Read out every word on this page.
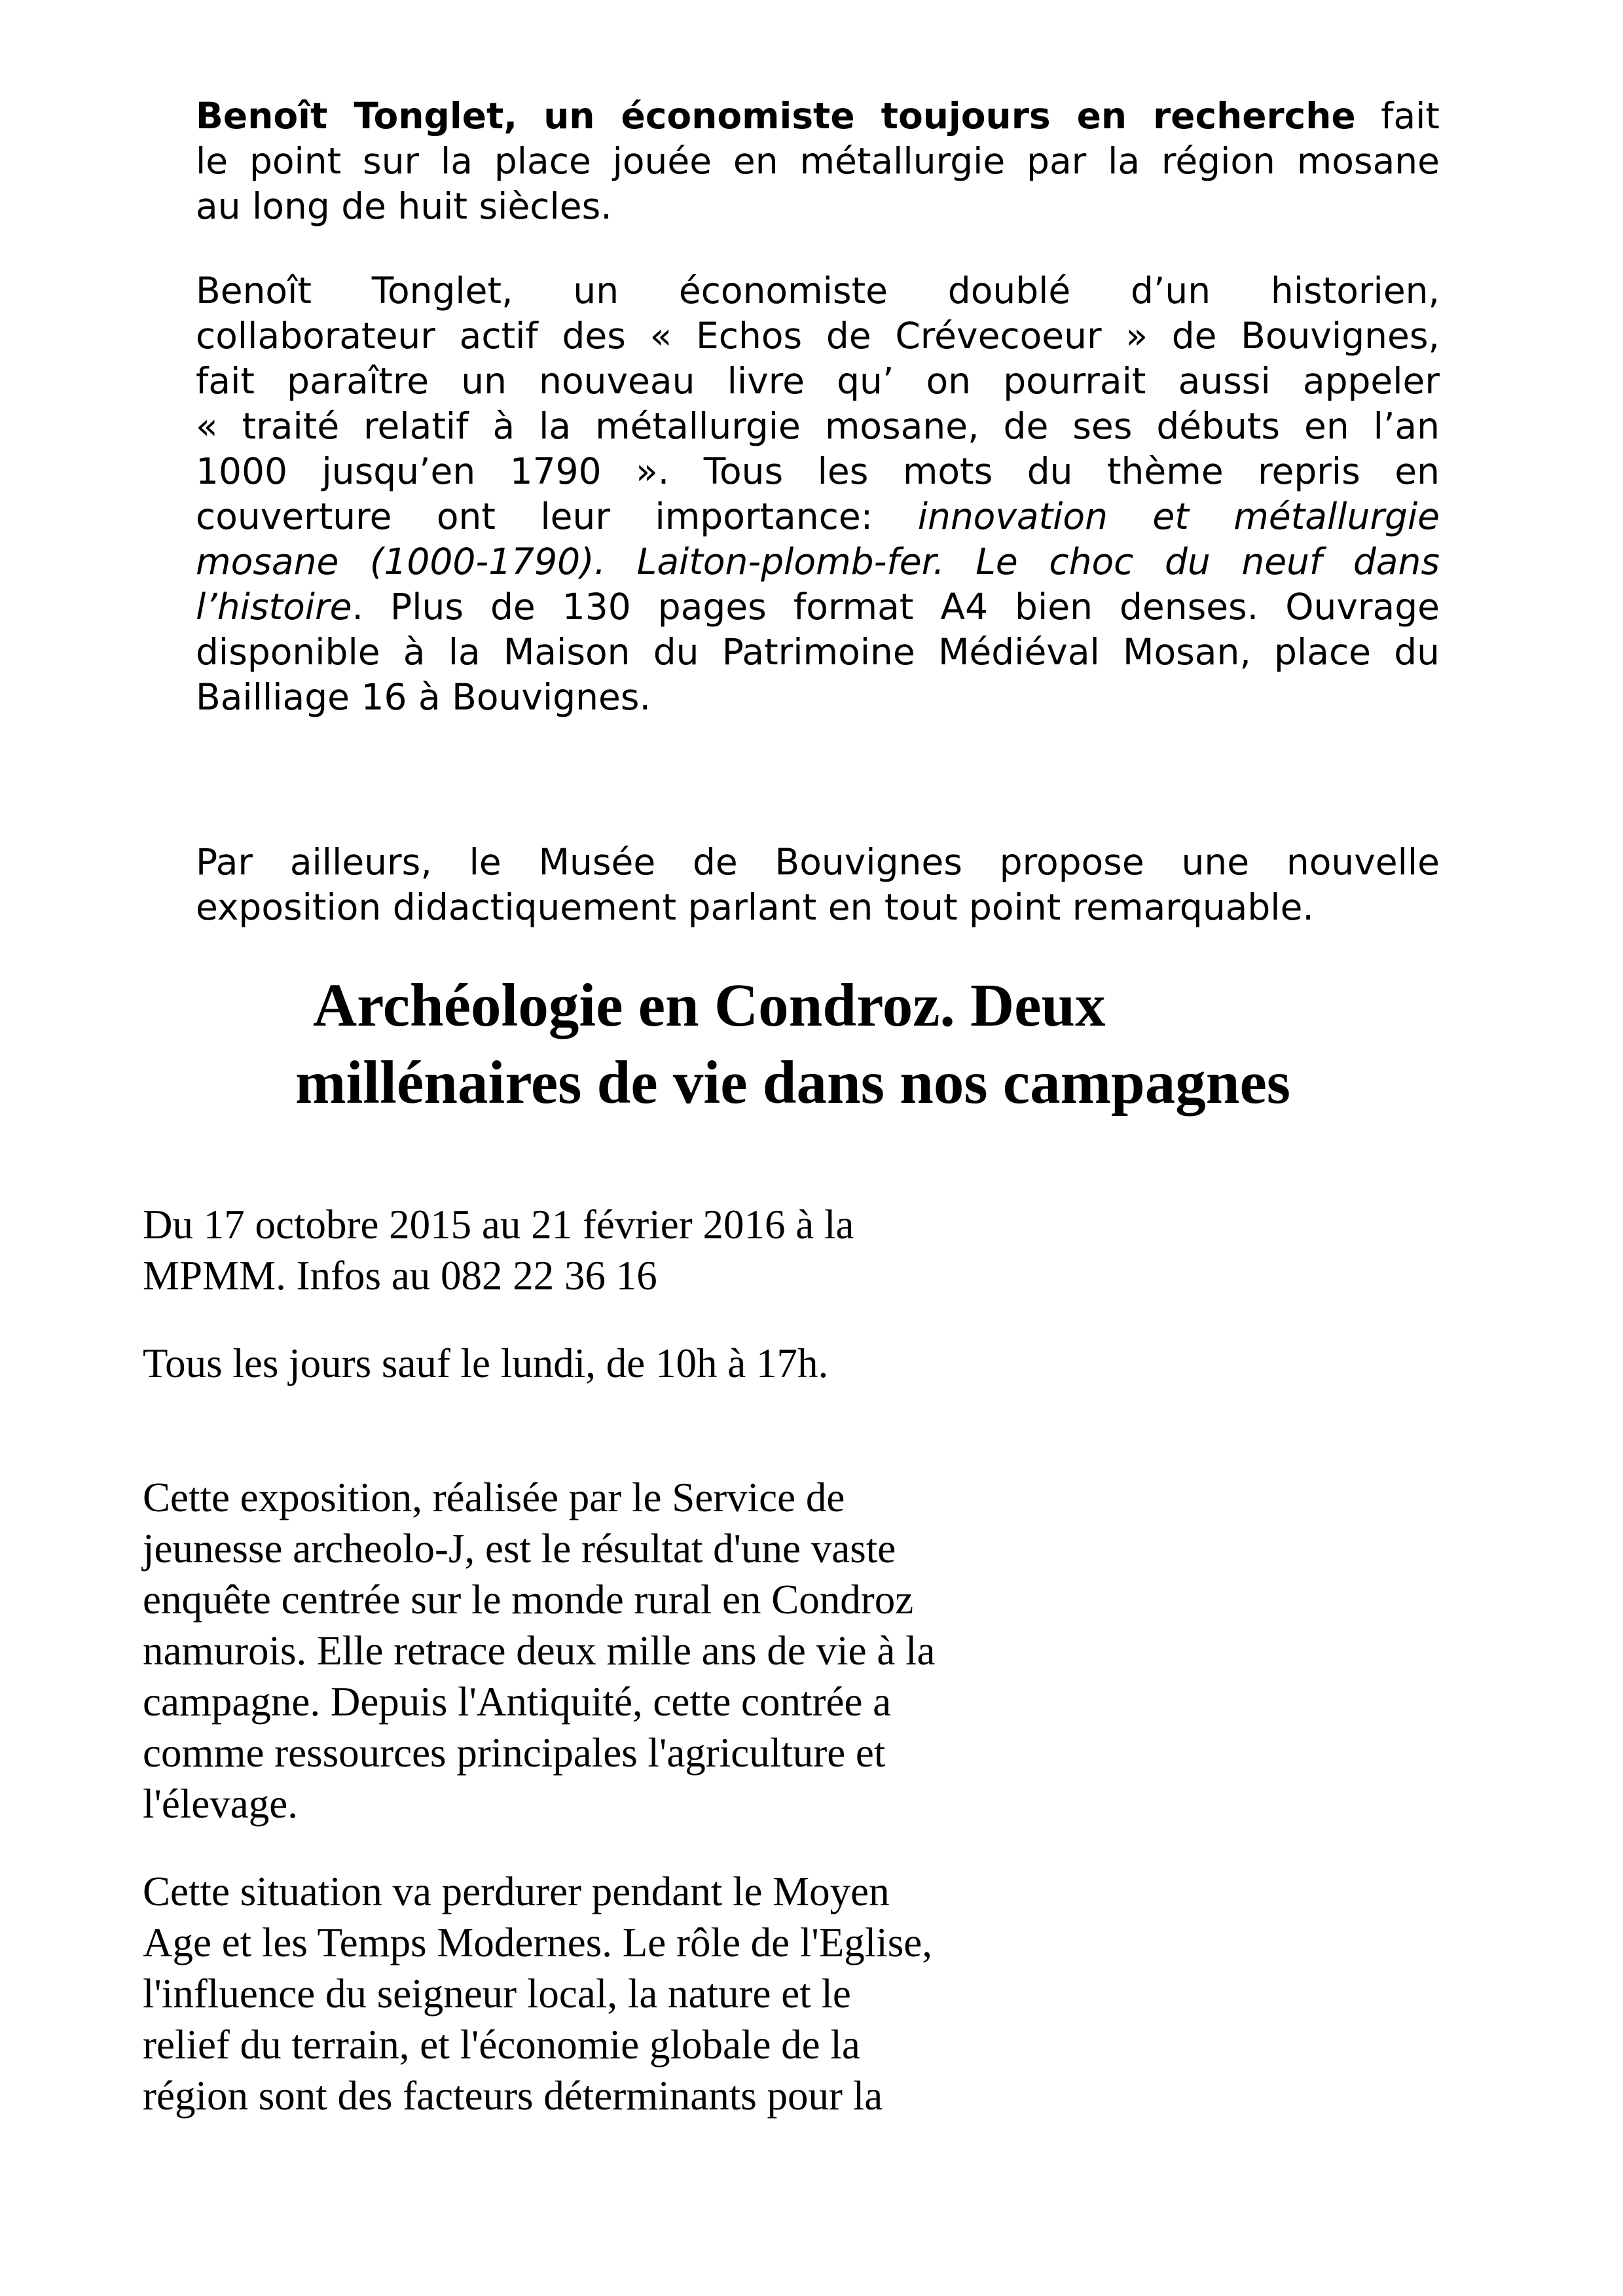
Benoît Tonglet, un économiste toujours en recherche fait
le point sur la place jouée en métallurgie par la région mosane
au long de huit siècles.
Benoît Tonglet, un économiste doublé d’un historien,
collaborateur actif des « Echos de Crévecoeur » de Bouvignes,
fait paraître un nouveau livre qu’ on pourrait aussi appeler
« traité relatif à la métallurgie mosane, de ses débuts en l’an
1000 jusqu’en 1790 ». Tous les mots du thème repris en
couverture ont leur importance: innovation et métallurgie
mosane (1000-1790). Laiton-plomb-fer. Le choc du neuf dans
l’histoire. Plus de 130 pages format A4 bien denses. Ouvrage
disponible à la Maison du Patrimoine Médiéval Mosan, place du
Bailliage 16 à Bouvignes.
Par ailleurs, le Musée de Bouvignes propose une nouvelle
exposition didactiquement parlant en tout point remarquable.
Archéologie en Condroz. Deux
millénaires de vie dans nos campagnes
Du 17 octobre 2015 au 21 février 2016 à la
MPMM. Infos au 082 22 36 16
Tous les jours sauf le lundi, de 10h à 17h.
Cette exposition, réalisée par le Service de
jeunesse archeolo-J, est le résultat d'une vaste
enquête centrée sur le monde rural en Condroz
namurois. Elle retrace deux mille ans de vie à la
campagne. Depuis l'Antiquité, cette contrée a
comme ressources principales l'agriculture et
l'élevage.
Cette situation va perdurer pendant le Moyen
Age et les Temps Modernes. Le rôle de l'Eglise,
l'influence du seigneur local, la nature et le
relief du terrain, et l'économie globale de la
région sont des facteurs déterminants pour la
